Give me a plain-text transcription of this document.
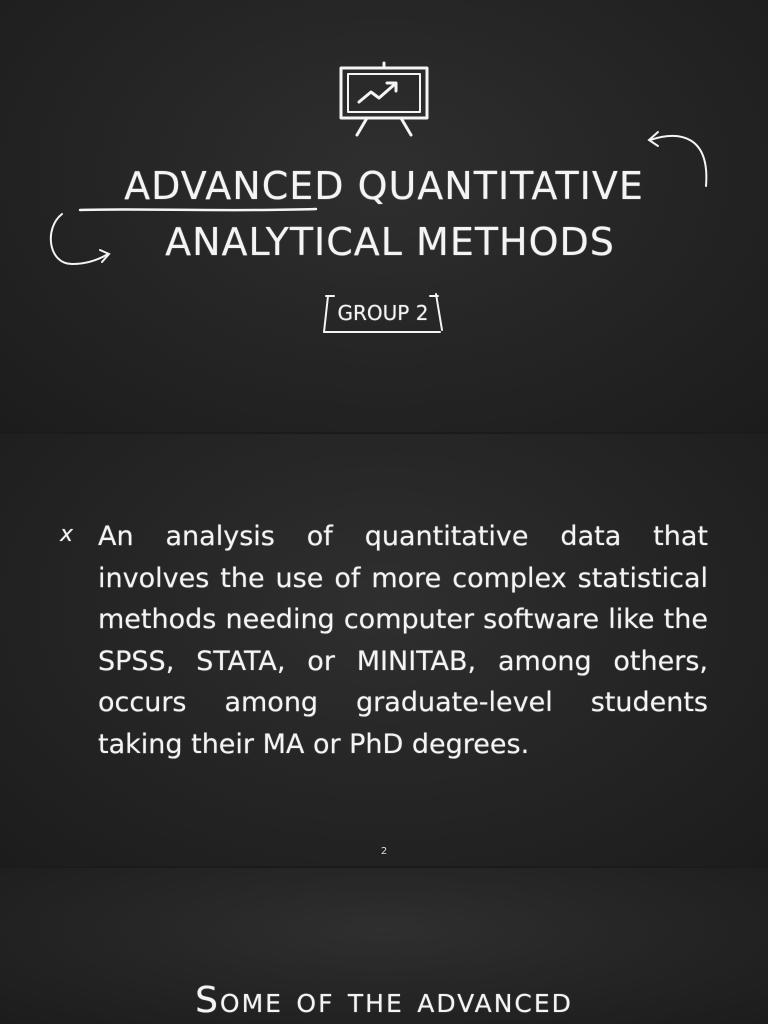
ADVANCED QUANTITATIVE
ANALYTICAL METHODS
GROUP 2
x An analysis of quantitative data that involves the use of more complex statistical methods needing computer software like the SPSS, STATA, or MINITAB, among others, occurs among graduate-level students taking their MA or PhD degrees.
2
Some of the advanced
